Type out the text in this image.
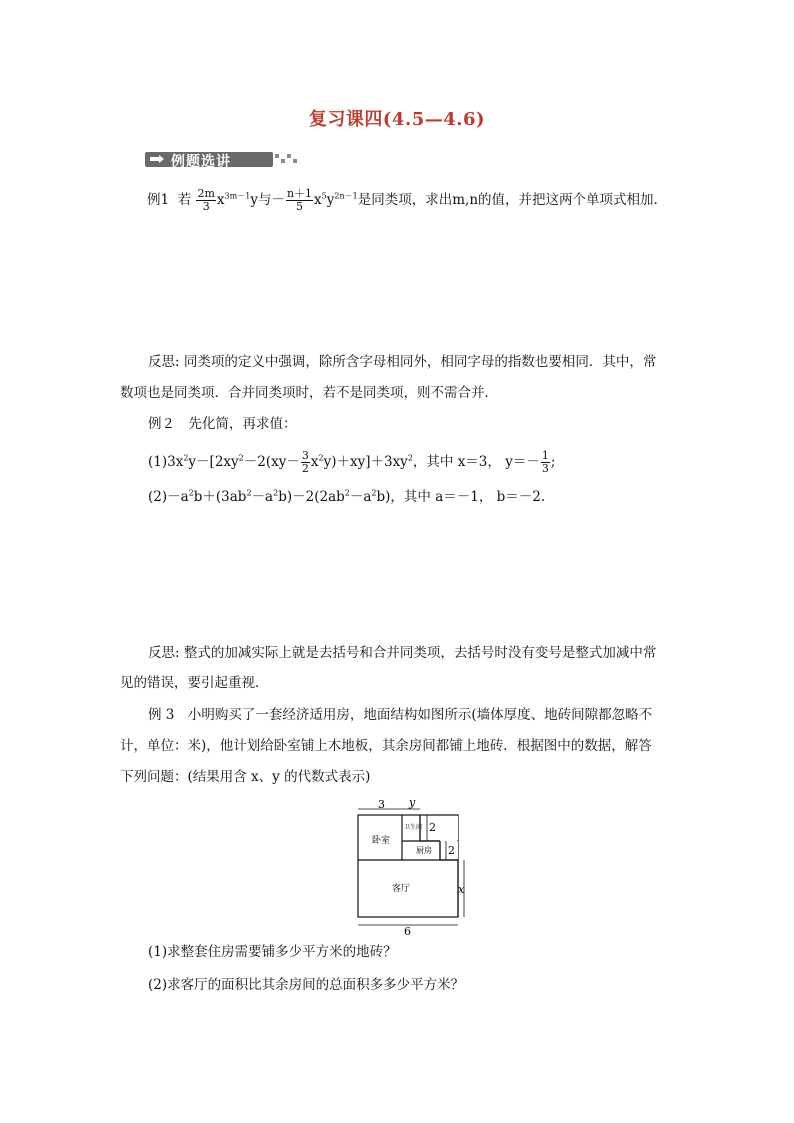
复习课四(4.5—4.6)
例题选讲
例1 若 $\frac{2m}{3} x^{3m-1}y$与－ $\frac{n+1}{5} x^5y^{2n-1}$是同类项，求出m,n的值，并把这两个单项式相加.
反思: 同类项的定义中强调，除所含字母相同外，相同字母的指数也要相同．其中，常
数项也是同类项．合并同类项时，若不是同类项，则不需合并．
例２　先化简，再求值：
$(1)3x^2y-[2xy^2-2(xy- \frac{3}{2} x^2y)+xy]+3xy^2$，其中 x＝3， $y=- \frac{1}{3}$ ;
$(2)-a^2b+(3ab^2-a^2b)-2(2ab^2-a^2b)$，其中 a＝－1， b＝－2.
反思: 整式的加减实际上就是去括号和合并同类项，去括号时没有变号是整式加减中常
见的错误，要引起重视．
例 3　小明购买了一套经济适用房，地面结构如图所示(墙体厚度、地砖间隙都忽略不
计，单位：米)，他计划给卧室铺上木地板，其余房间都铺上地砖．根据图中的数据，解答
下列问题：(结果用含 x、y 的代数式表示)
3 y
6
2
2
x
卧室
卫生间
厨房
客厅
(1)求整套住房需要铺多少平方米的地砖？
(2)求客厅的面积比其余房间的总面积多多少平方米？
